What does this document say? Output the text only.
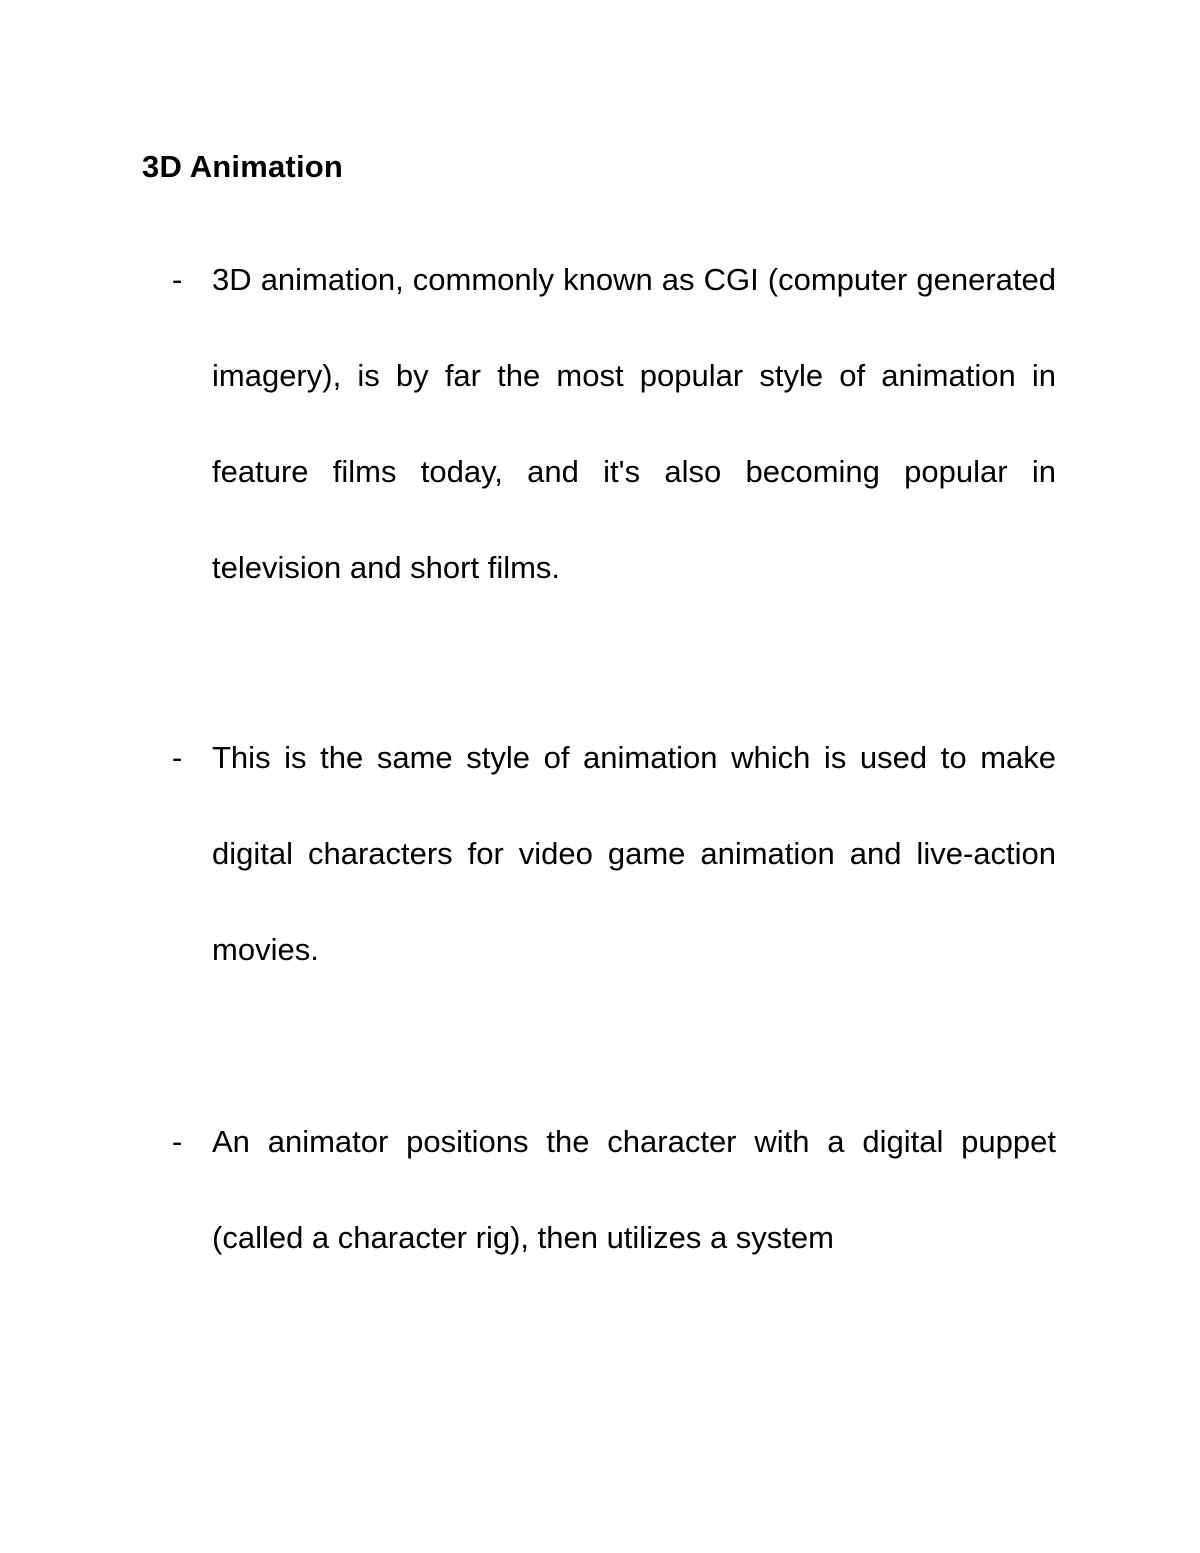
3D Animation
- 3D animation, commonly known as CGI (computer generated imagery), is by far the most popular style of animation in feature films today, and it's also becoming popular in television and short films.
- This is the same style of animation which is used to make digital characters for video game animation and live-action movies.
- An animator positions the character with a digital puppet (called a character rig), then utilizes a system
